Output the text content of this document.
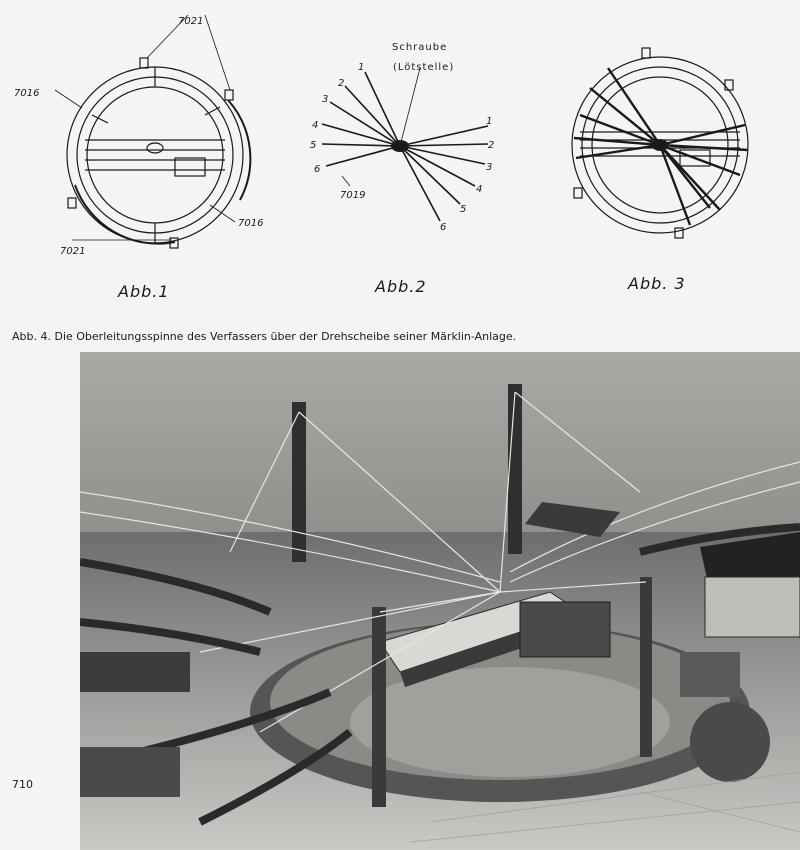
7021
7016
7016
7021
Abb.1
Schraube
(Lötstelle)
7019
1
2
3
4
5
6
1
2
3
4
5
6
Abb.2	Abb. 3
Abb. 4. Die Oberleitungsspinne des Verfassers über der Drehscheibe seiner Märklin-Anlage.
710
